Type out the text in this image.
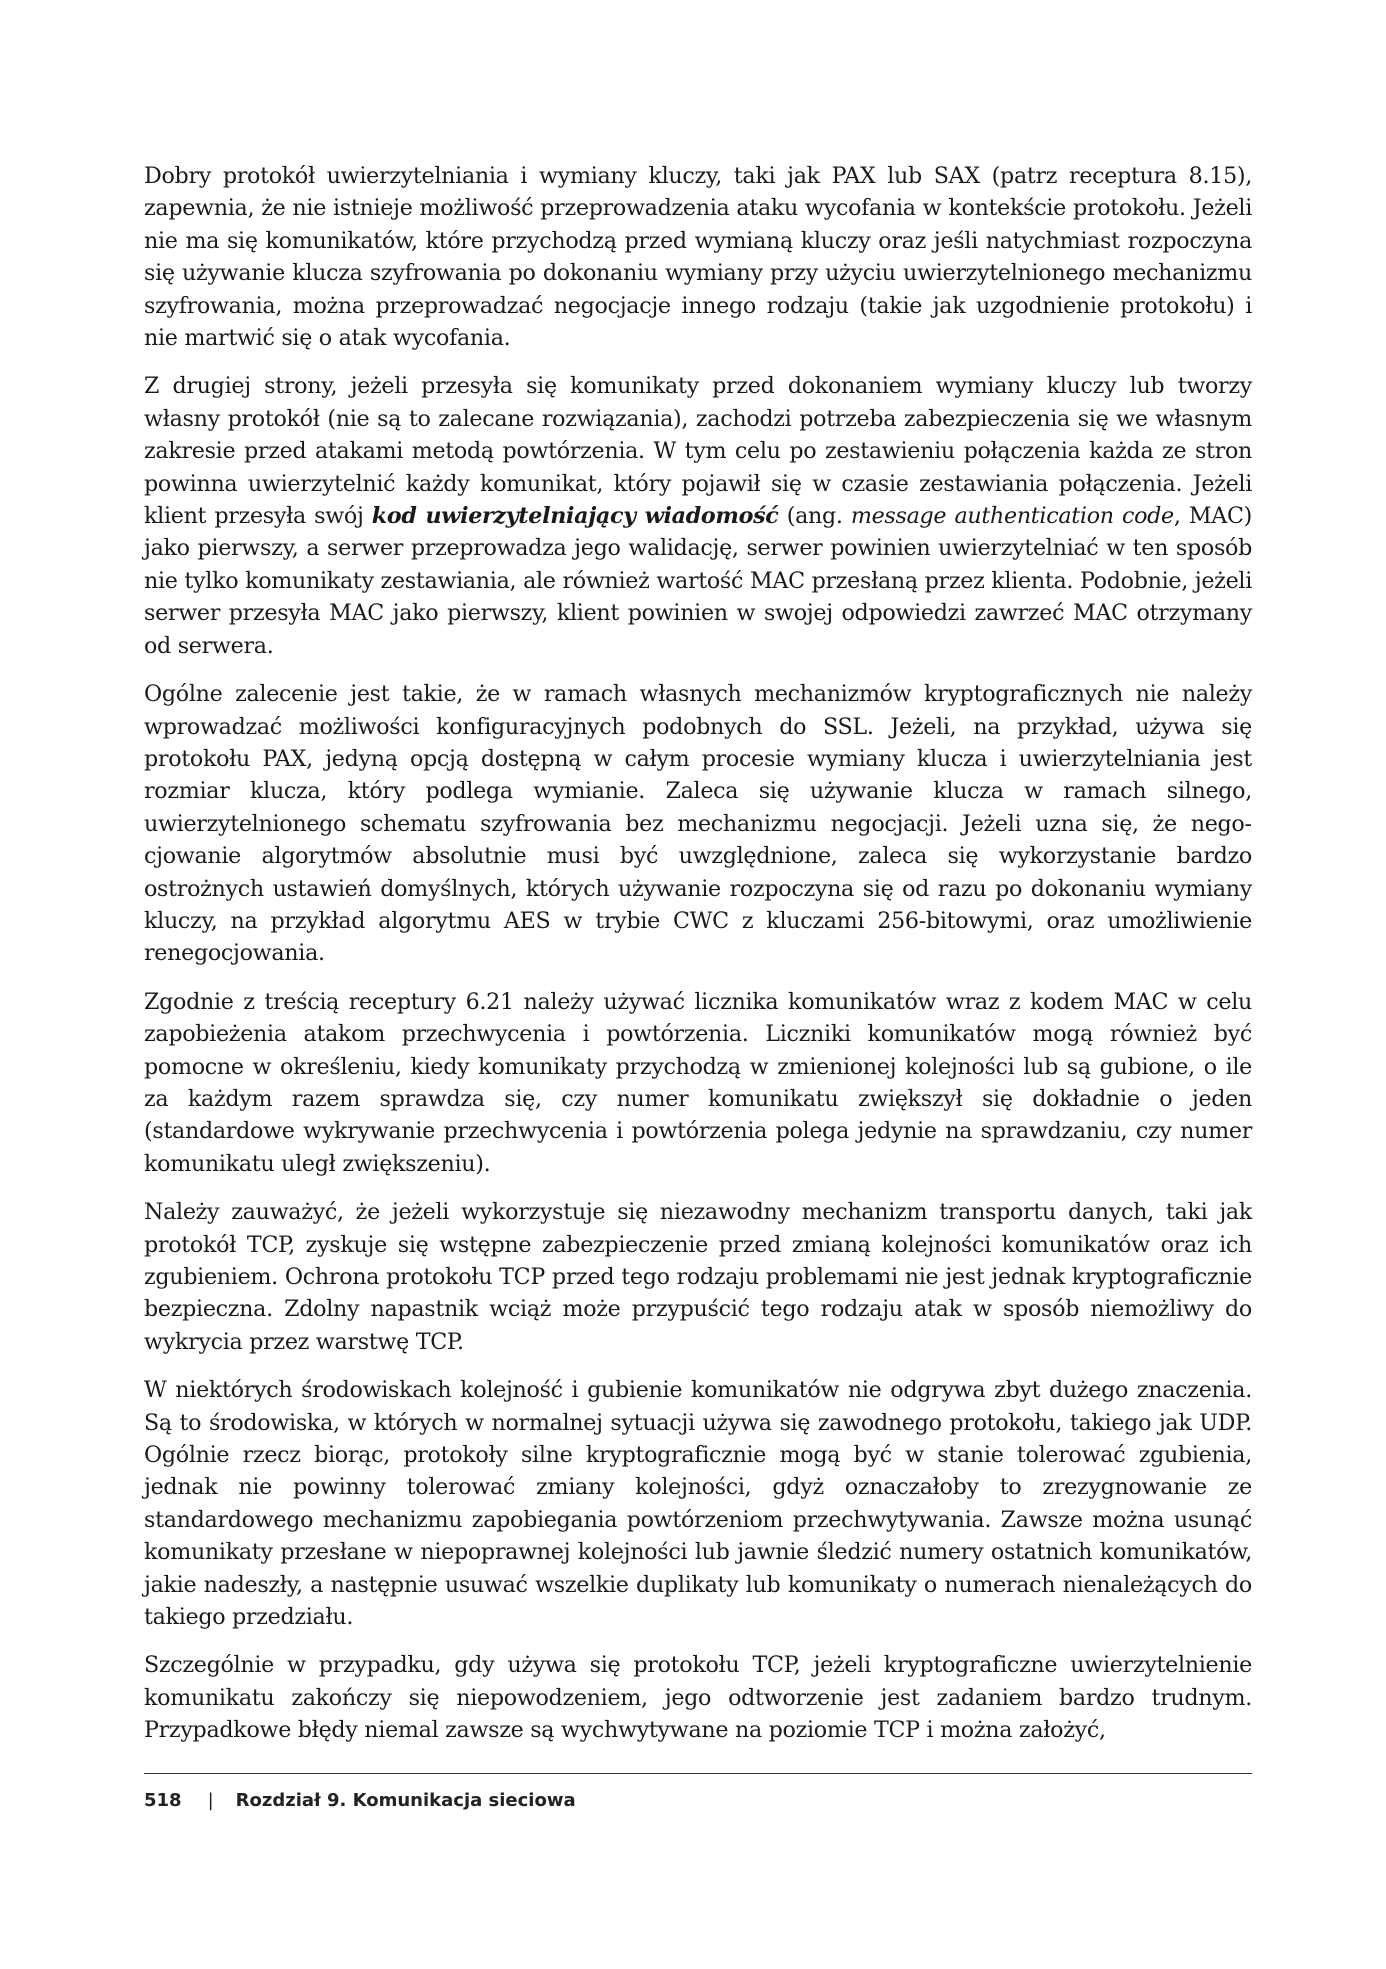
Dobry protokół uwierzytelniania i wymiany kluczy, taki jak PAX lub SAX (patrz receptura 8.15), zapewnia, że nie istnieje możliwość przeprowadzenia ataku wycofania w kontekście protokołu. Jeżeli nie ma się komunikatów, które przychodzą przed wymianą kluczy oraz jeśli natychmiast rozpoczyna się używanie klucza szyfrowania po dokonaniu wymiany przy użyciu uwierzytelnionego mechanizmu szyfrowania, można przeprowadzać negocjacje innego rodzaju (takie jak uzgodnienie protokołu) i nie martwić się o atak wycofania.

Z drugiej strony, jeżeli przesyła się komunikaty przed dokonaniem wymiany kluczy lub tworzy własny protokół (nie są to zalecane rozwiązania), zachodzi potrzeba zabezpieczenia się we własnym zakresie przed atakami metodą powtórzenia. W tym celu po zestawieniu połączenia każda ze stron powinna uwierzytelnić każdy komunikat, który pojawił się w czasie zestawiania połączenia. Jeżeli klient przesyła swój kod uwierzytelniający wiadomość (ang. message authentication code, MAC) jako pierwszy, a serwer przeprowadza jego walidację, serwer powinien uwierzytelniać w ten sposób nie tylko komunikaty zestawiania, ale również wartość MAC przesłaną przez klienta. Podobnie, jeżeli serwer przesyła MAC jako pierwszy, klient powinien w swojej odpowiedzi zawrzeć MAC otrzymany od serwera.

Ogólne zalecenie jest takie, że w ramach własnych mechanizmów kryptograficznych nie należy wprowadzać możliwości konfiguracyjnych podobnych do SSL. Jeżeli, na przykład, używa się protokołu PAX, jedyną opcją dostępną w całym procesie wymiany klucza i uwierzytelniania jest rozmiar klucza, który podlega wymianie. Zaleca się używanie klucza w ramach silnego, uwierzytelnionego schematu szyfrowania bez mechanizmu negocjacji. Jeżeli uzna się, że negocjowanie algorytmów absolutnie musi być uwzględnione, zaleca się wykorzystanie bardzo ostrożnych ustawień domyślnych, których używanie rozpoczyna się od razu po dokonaniu wymiany kluczy, na przykład algorytmu AES w trybie CWC z kluczami 256-bitowymi, oraz umożliwienie renegocjowania.

Zgodnie z treścią receptury 6.21 należy używać licznika komunikatów wraz z kodem MAC w celu zapobieżenia atakom przechwycenia i powtórzenia. Liczniki komunikatów mogą również być pomocne w określeniu, kiedy komunikaty przychodzą w zmienionej kolejności lub są gubione, o ile za każdym razem sprawdza się, czy numer komunikatu zwiększył się dokładnie o jeden (standardowe wykrywanie przechwycenia i powtórzenia polega jedynie na sprawdzaniu, czy numer komunikatu uległ zwiększeniu).

Należy zauważyć, że jeżeli wykorzystuje się niezawodny mechanizm transportu danych, taki jak protokół TCP, zyskuje się wstępne zabezpieczenie przed zmianą kolejności komunikatów oraz ich zgubieniem. Ochrona protokołu TCP przed tego rodzaju problemami nie jest jednak kryptograficznie bezpieczna. Zdolny napastnik wciąż może przypuścić tego rodzaju atak w sposób niemożliwy do wykrycia przez warstwę TCP.

W niektórych środowiskach kolejność i gubienie komunikatów nie odgrywa zbyt dużego znaczenia. Są to środowiska, w których w normalnej sytuacji używa się zawodnego protokołu, takiego jak UDP. Ogólnie rzecz biorąc, protokoły silne kryptograficznie mogą być w stanie tolerować zgubienia, jednak nie powinny tolerować zmiany kolejności, gdyż oznaczałoby to zrezygnowanie ze standardowego mechanizmu zapobiegania powtórzeniom przechwytywania. Zawsze można usunąć komunikaty przesłane w niepoprawnej kolejności lub jawnie śledzić numery ostatnich komunikatów, jakie nadeszły, a następnie usuwać wszelkie duplikaty lub komunikaty o numerach nienależących do takiego przedziału.

Szczególnie w przypadku, gdy używa się protokołu TCP, jeżeli kryptograficzne uwierzytelnienie komunikatu zakończy się niepowodzeniem, jego odtworzenie jest zadaniem bardzo trudnym. Przypadkowe błędy niemal zawsze są wychwytywane na poziomie TCP i można założyć,

518 | Rozdział 9. Komunikacja sieciowa
